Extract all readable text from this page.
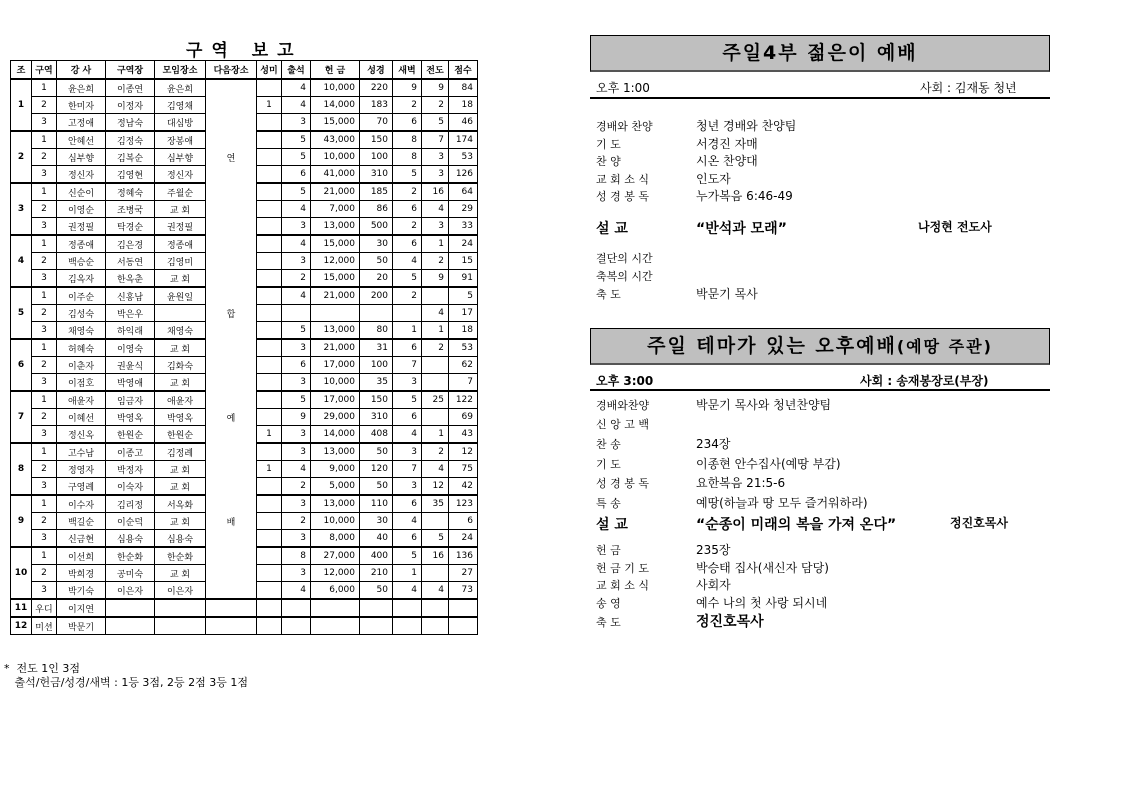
구역 보고
조	구역	강 사	구역장	모임장소	다음장소	성미	출석	헌 금	성경	새벽	전도	점수
1	1	윤은희	이종연	윤은희			4	10,000	220	9	9	84
	2	한미자	이정자	김영채		1	4	14,000	183	2	2	18
	3	고정애	정남숙	대심방			3	15,000	70	6	5	46
2	1	안혜선	김정숙	장봉애			5	43,000	150	8	7	174
	2	심부향	김복순	심부향	연		5	10,000	100	8	3	53
	3	정신자	김영현	정신자			6	41,000	310	5	3	126
3	1	신순이	정혜숙	주월순			5	21,000	185	2	16	64
	2	이영순	조병국	교 회			4	7,000	86	6	4	29
	3	권정필	탁경순	권정필			3	13,000	500	2	3	33
4	1	정종애	김은경	정종애			4	15,000	30	6	1	24
	2	백승순	서동연	김영미			3	12,000	50	4	2	15
	3	김옥자	한옥춘	교 회			2	15,000	20	5	9	91
5	1	이주순	신홍남	윤원일			4	21,000	200	2		5
	2	김성숙	박은우		합						4	17
	3	채영숙	하익래	채영숙			5	13,000	80	1	1	18
6	1	허혜숙	이영숙	교 회			3	21,000	31	6	2	53
	2	이춘자	권윤식	김화숙			6	17,000	100	7		62
	3	이점호	박영애	교 회			3	10,000	35	3		7
7	1	애윤자	임금자	애윤자			5	17,000	150	5	25	122
	2	이혜선	박영옥	박영옥	예		9	29,000	310	6		69
	3	정신옥	한원순	한원순		1	3	14,000	408	4	1	43
8	1	고수남	이종고	김정례			3	13,000	50	3	2	12
	2	정영자	박정자	교 회		1	4	9,000	120	7	4	75
	3	구영례	이숙자	교 회			2	5,000	50	3	12	42
9	1	이수자	김리정	서옥화			3	13,000	110	6	35	123
	2	백길순	이순덕	교 회	배		2	10,000	30	4		6
	3	신금현	심용숙	심용숙			3	8,000	40	6	5	24
10	1	이선희	한순화	한순화			8	27,000	400	5	16	136
	2	박희경	공미숙	교 회			3	12,000	210	1		27
	3	박기숙	이은자	이은자			4	6,000	50	4	4	73
11	우디	이지연										
12	미션	박문기										
*  전도 1인 3점
출석/헌금/성경/새벽 : 1등 3점, 2등 2점 3등 1점
주일4부 젊은이 예배
오후 1:00	사회 : 김재동 청년
경배와 찬양	청년 경배와 찬양팀
기 도	서경진 자매
찬 양	시온 찬양대
교 회 소 식	인도자
성 경 봉 독	누가복음 6:46-49
설 교	“반석과 모래”	나정현 전도사
결단의 시간
축복의 시간
축 도	박문기 목사
주일 테마가 있는 오후예배(예땅 주관)
오후 3:00	사회 : 송재봉장로(부장)
경배와찬양	박문기 목사와 청년찬양팀
신 앙 고 백
찬 송	234장
기 도	이종현 안수집사(예땅 부감)
성 경 봉 독	요한복음 21:5-6
특 송	예땅(하늘과 땅 모두 즐거워하라)
설 교	“순종이 미래의 복을 가져 온다”	정진호목사
헌 금	235장
헌 금 기 도	박승태 집사(새신자 담당)
교 회 소 식	사회자
송 영	예수 나의 첫 사랑 되시네
축 도	정진호목사
